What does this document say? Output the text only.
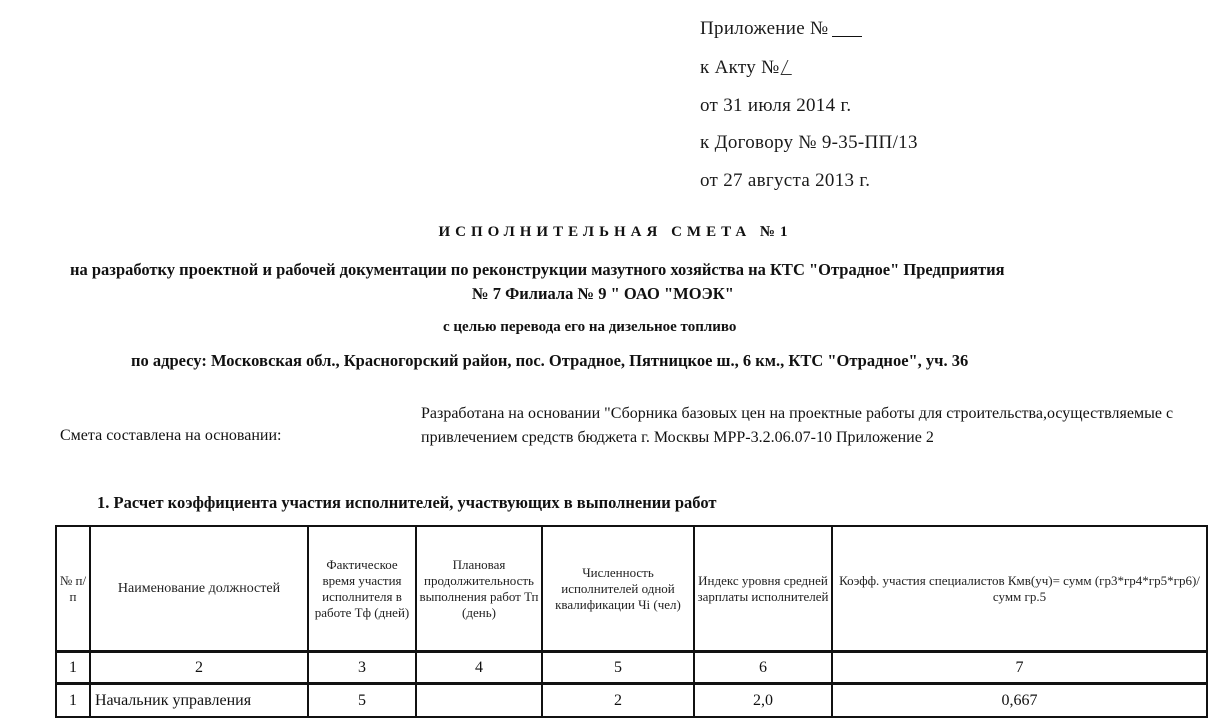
Приложение №
к Акту №
от 31 июля 2014 г.
к Договору № 9-35-ПП/13
от 27 августа 2013 г.
ИСПОЛНИТЕЛЬНАЯ СМЕТА №1
на разработку проектной и рабочей документации по реконструкции мазутного хозяйства на КТС "Отрадное" Предприятия
№ 7 Филиала № 9 " ОАО "МОЭК"
с целью перевода его на дизельное топливо
по адресу: Московская обл., Красногорский район, пос. Отрадное, Пятницкое ш., 6 км., КТС "Отрадное", уч. 36
Смета составлена на основании:
Разработана на основании "Сборника базовых цен на проектные работы для строительства,осуществляемые с привлечением средств бюджета г. Москвы МРР-3.2.06.07-10 Приложение 2
1. Расчет коэффициента участия исполнителей, участвующих в выполнении работ
№ п/п	Наименование должностей	Фактическое время участия исполнителя в работе Тф (дней)	Плановая продолжительность выполнения работ Тп (день)	Численность исполнителей одной квалификации Чi (чел)	Индекс уровня средней зарплаты исполнителей	Коэфф. участия специалистов Кмв(уч)= сумм (гр3*гр4*гр5*гр6)/сумм гр.5
1	2	3	4	5	6	7
1	Начальник управления	5		2	2,0	0,667
